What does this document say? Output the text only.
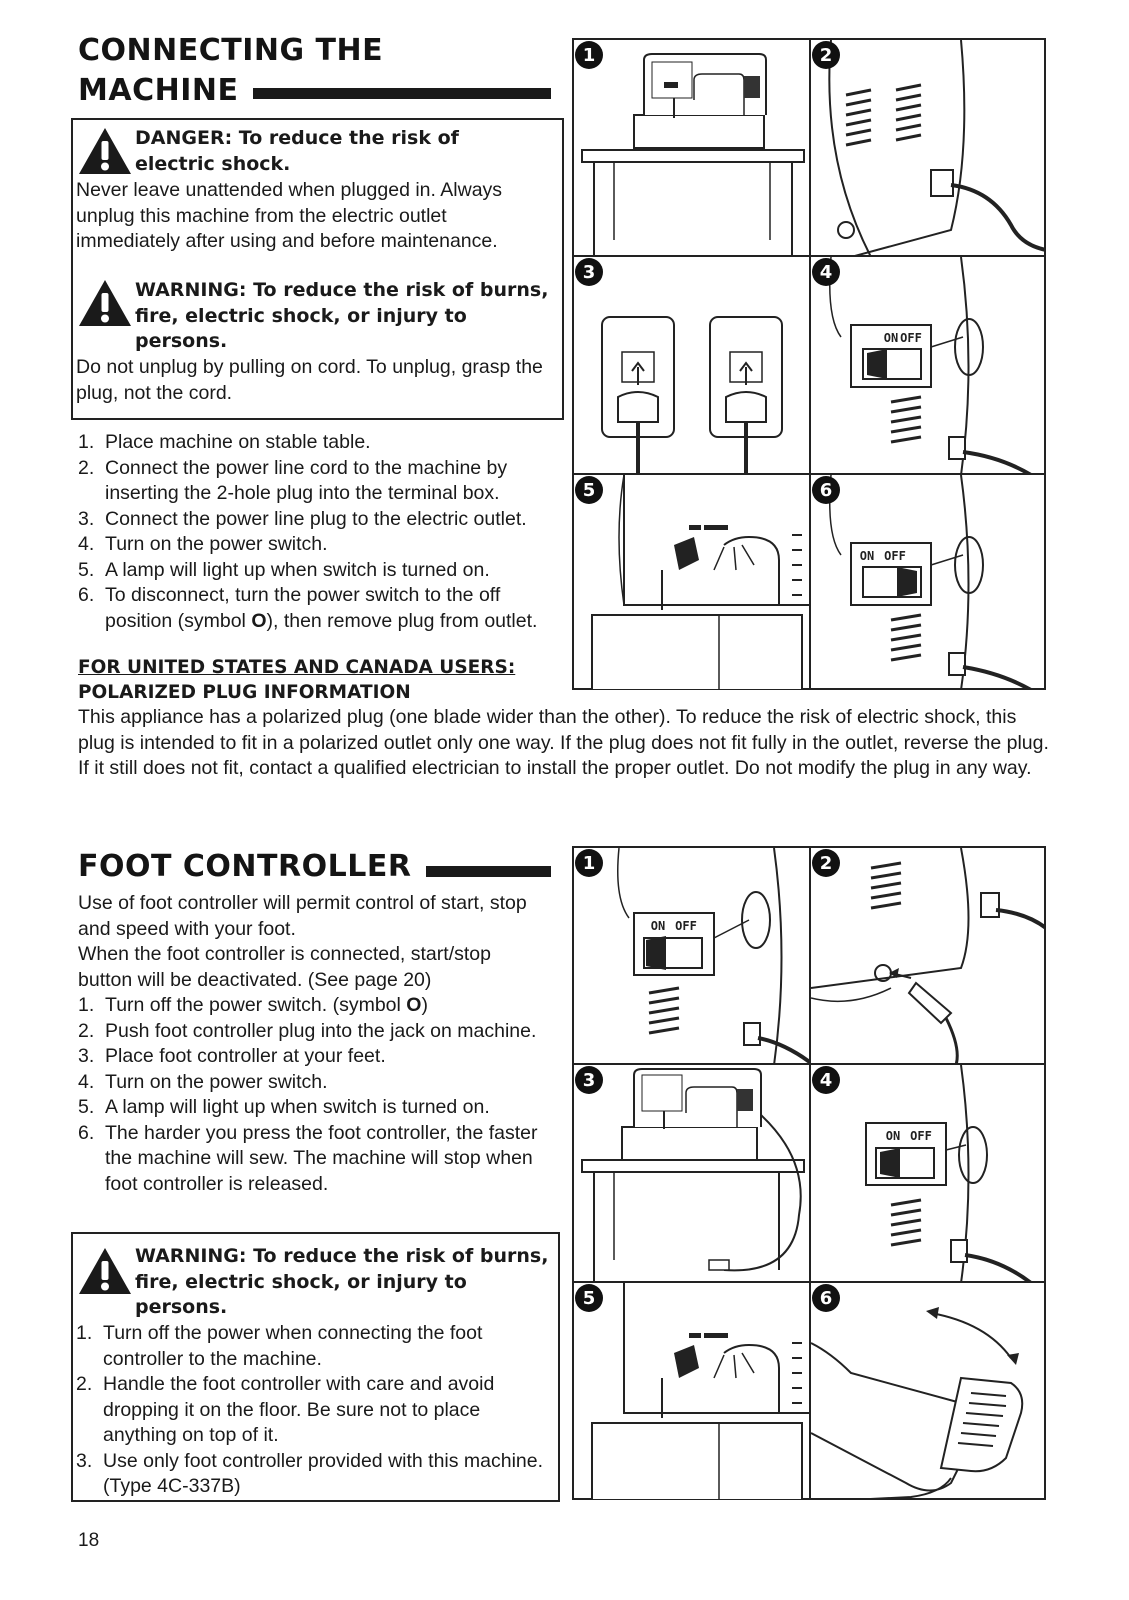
CONNECTING THE
MACHINE
DANGER: To reduce the risk of electric shock.
Never leave unattended when plugged in. Always unplug this machine from the electric outlet immediately after using and before maintenance.
WARNING: To reduce the risk of burns, fire, electric shock, or injury to persons.
Do not unplug by pulling on cord. To unplug, grasp the plug, not the cord.
1. Place machine on stable table.
2. Connect the power line cord to the machine by inserting the 2-hole plug into the terminal box.
3. Connect the power line plug to the electric outlet.
4. Turn on the power switch.
5. A lamp will light up when switch is turned on.
6. To disconnect, turn the power switch to the off position (symbol O), then remove plug from outlet.
FOR UNITED STATES AND CANADA USERS:
POLARIZED PLUG INFORMATION
This appliance has a polarized plug (one blade wider than the other). To reduce the risk of electric shock, this plug is intended to fit in a polarized outlet only one way. If the plug does not fit fully in the outlet, reverse the plug. If it still does not fit, contact a qualified electrician to install the proper outlet. Do not modify the plug in any way.
1	2
3
ON OFF
4
5
ON OFF
6
FOOT CONTROLLER
Use of foot controller will permit control of start, stop and speed with your foot.
When the foot controller is connected, start/stop button will be deactivated. (See page 20)
1. Turn off the power switch. (symbol O)
2. Push foot controller plug into the jack on machine.
3. Place foot controller at your feet.
4. Turn on the power switch.
5. A lamp will light up when switch is turned on.
6. The harder you press the foot controller, the faster the machine will sew. The machine will stop when foot controller is released.
WARNING: To reduce the risk of burns, fire, electric shock, or injury to persons.
1. Turn off the power when connecting the foot controller to the machine.
2. Handle the foot controller with care and avoid dropping it on the floor. Be sure not to place anything on top of it.
3. Use only foot controller provided with this machine. (Type 4C-337B)
ON OFF
1	2
3
ON OFF
4
5	6
18
